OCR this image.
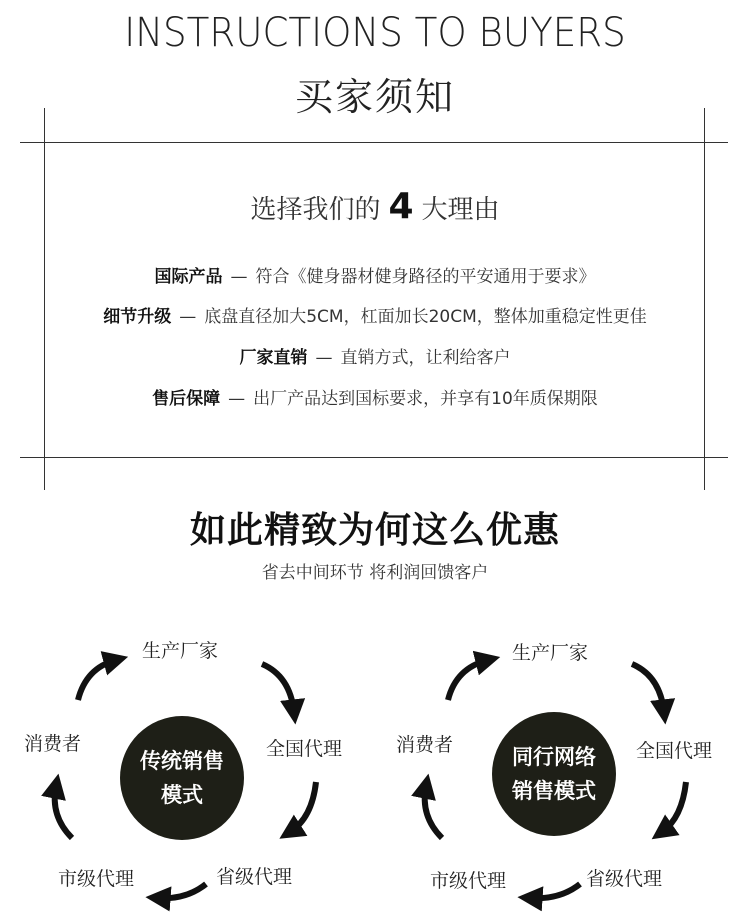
INSTRUCTIONS TO BUYERS
买家须知
选择我们的 4 大理由
国际产品 — 符合《健身器材健身路径的平安通用于要求》
细节升级 — 底盘直径加大5CM，杠面加长20CM，整体加重稳定性更佳
厂家直销 — 直销方式，让利给客户
售后保障 — 出厂产品达到国标要求，并享有10年质保期限
如此精致为何这么优惠
省去中间环节 将利润回馈客户
生产厂家
全国代理
省级代理
市级代理
消费者
传统销售
模式
生产厂家
全国代理
省级代理
市级代理
消费者	同行网络
销售模式
